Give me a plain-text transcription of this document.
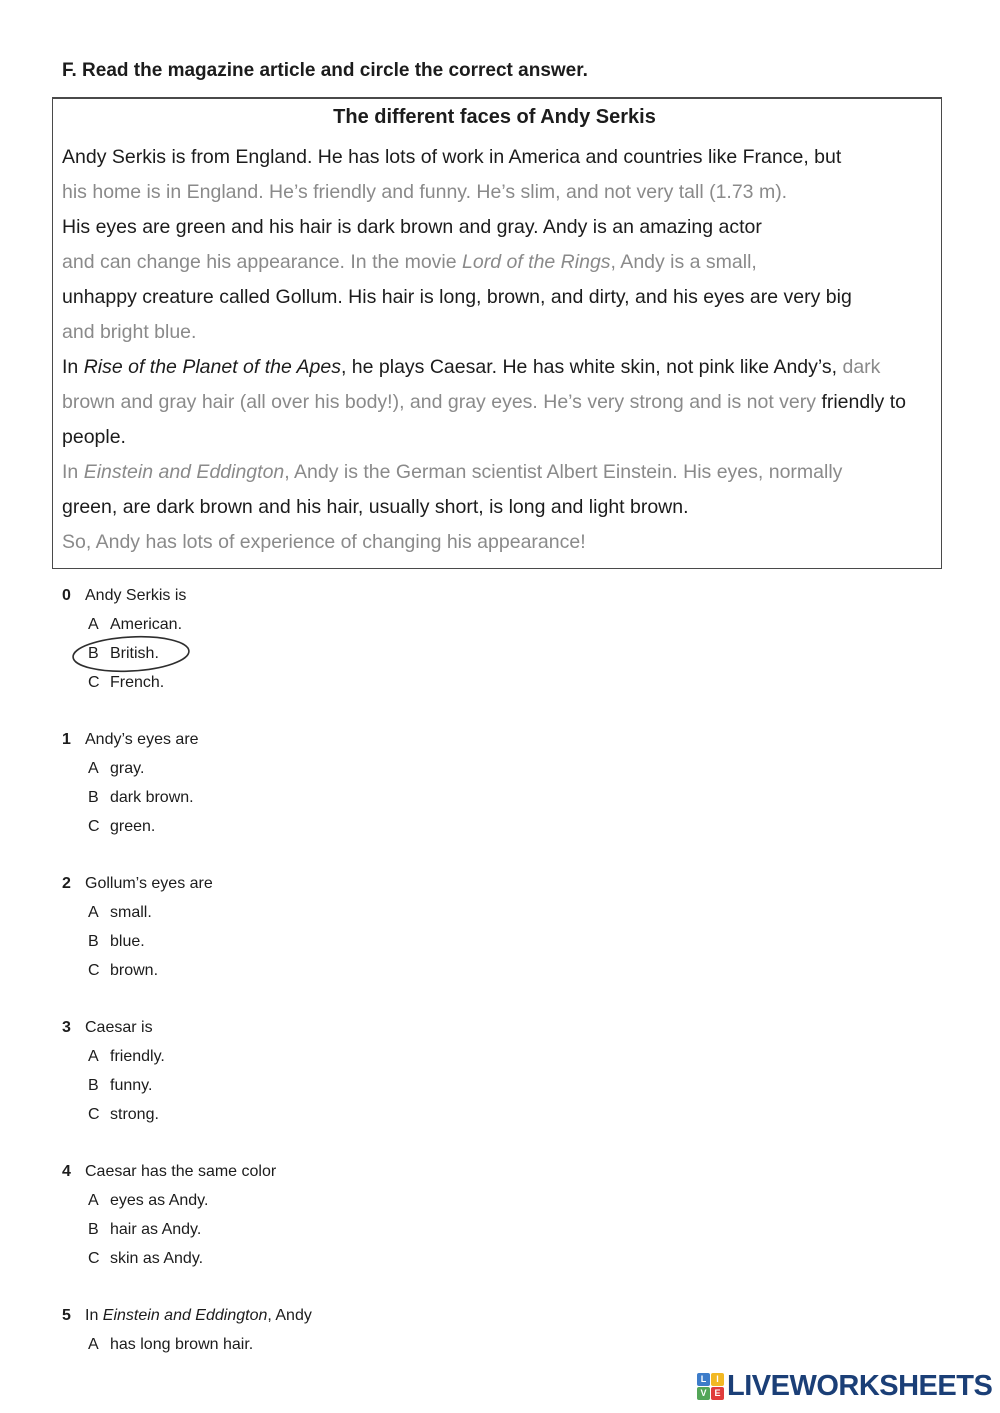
F. Read the magazine article and circle the correct answer.
The different faces of Andy Serkis
Andy Serkis is from England. He has lots of work in America and countries like France, but
his home is in England. He’s friendly and funny. He’s slim, and not very tall (1.73 m).
His eyes are green and his hair is dark brown and gray. Andy is an amazing actor
and can change his appearance. In the movie Lord of the Rings, Andy is a small,
unhappy creature called Gollum. His hair is long, brown, and dirty, and his eyes are very big
and bright blue.
In Rise of the Planet of the Apes, he plays Caesar. He has white skin, not pink like Andy’s, dark
brown and gray hair (all over his body!), and gray eyes. He’s very strong and is not very friendly to
people.
In Einstein and Eddington, Andy is the German scientist Albert Einstein. His eyes, normally
green, are dark brown and his hair, usually short, is long and light brown.
So, Andy has lots of experience of changing his appearance!
0 Andy Serkis is
A American.
B British.
C French.
1 Andy’s eyes are
A gray.
B dark brown.
C green.
2 Gollum’s eyes are
A small.
B blue.
C brown.
3 Caesar is
A friendly.
B funny.
C strong.
4 Caesar has the same color
A eyes as Andy.
B hair as Andy.
C skin as Andy.
5 In Einstein and Eddington, Andy
A has long brown hair.
L	I
V E LIVEWORKSHEETS
